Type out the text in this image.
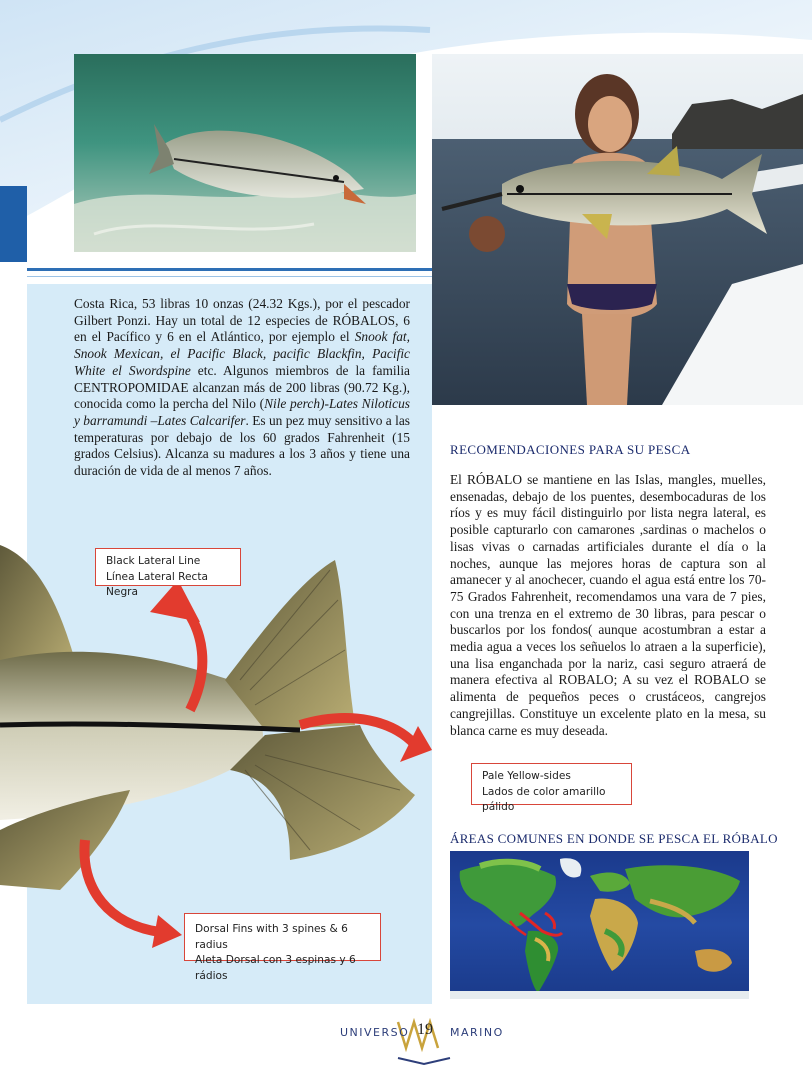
Costa Rica, 53 libras 10 onzas (24.32 Kgs.), por el pescador Gilbert Ponzi. Hay un total de 12 especies de RÓBALOS, 6 en el Pacífico y 6 en el Atlántico, por ejemplo el Snook fat, Snook Mexican, el Pacific Black, pacific Blackfin, Pacific White el Swordspine etc. Algunos miembros de la familia CENTROPOMIDAE alcanzan más de 200 libras (90.72 Kg.), conocida como la percha del Nilo (Nile perch)-Lates Niloticus y barramundi –Lates Calcarifer. Es un pez muy sensitivo a las temperaturas por debajo de los 60 grados Fahrenheit (15 grados Celsius). Alcanza su madures a los 3 años y tiene una duración de vida de al menos 7 años.
Black Lateral Line
Línea Lateral Recta Negra
Pale Yellow-sides
Lados de color amarillo pálido
Dorsal Fins with 3 spines & 6 radius
Aleta Dorsal con 3 espinas y 6 rádios
RECOMENDACIONES PARA SU PESCA
El RÓBALO se mantiene en las Islas, mangles, muelles, ensenadas, debajo de los puentes, desembocaduras de los ríos y es muy fácil distinguirlo por lista negra lateral, es posible capturarlo con camarones ,sardinas o machelos o lisas vivas o carnadas artificiales durante el día o la noches, aunque las mejores horas de captura son al amanecer y al anochecer, cuando el agua está entre los 70-75 Grados Fahrenheit, recomendamos una vara de 7 pies, con una trenza en el extremo de 30 libras, para pescar o buscarlos por los fondos( aunque acostumbran a estar a media agua a veces los señuelos lo atraen a la superficie), una lisa enganchada por la nariz, casi seguro atraerá de manera efectiva al ROBALO; A su vez el ROBALO se alimenta de pequeños peces o crustáceos, cangrejos cangrejillas. Constituye un excelente plato en la mesa, su blanca carne es muy deseada.
ÁREAS COMUNES EN DONDE SE PESCA EL RÓBALO
UNIVERSO 19	MARINO
